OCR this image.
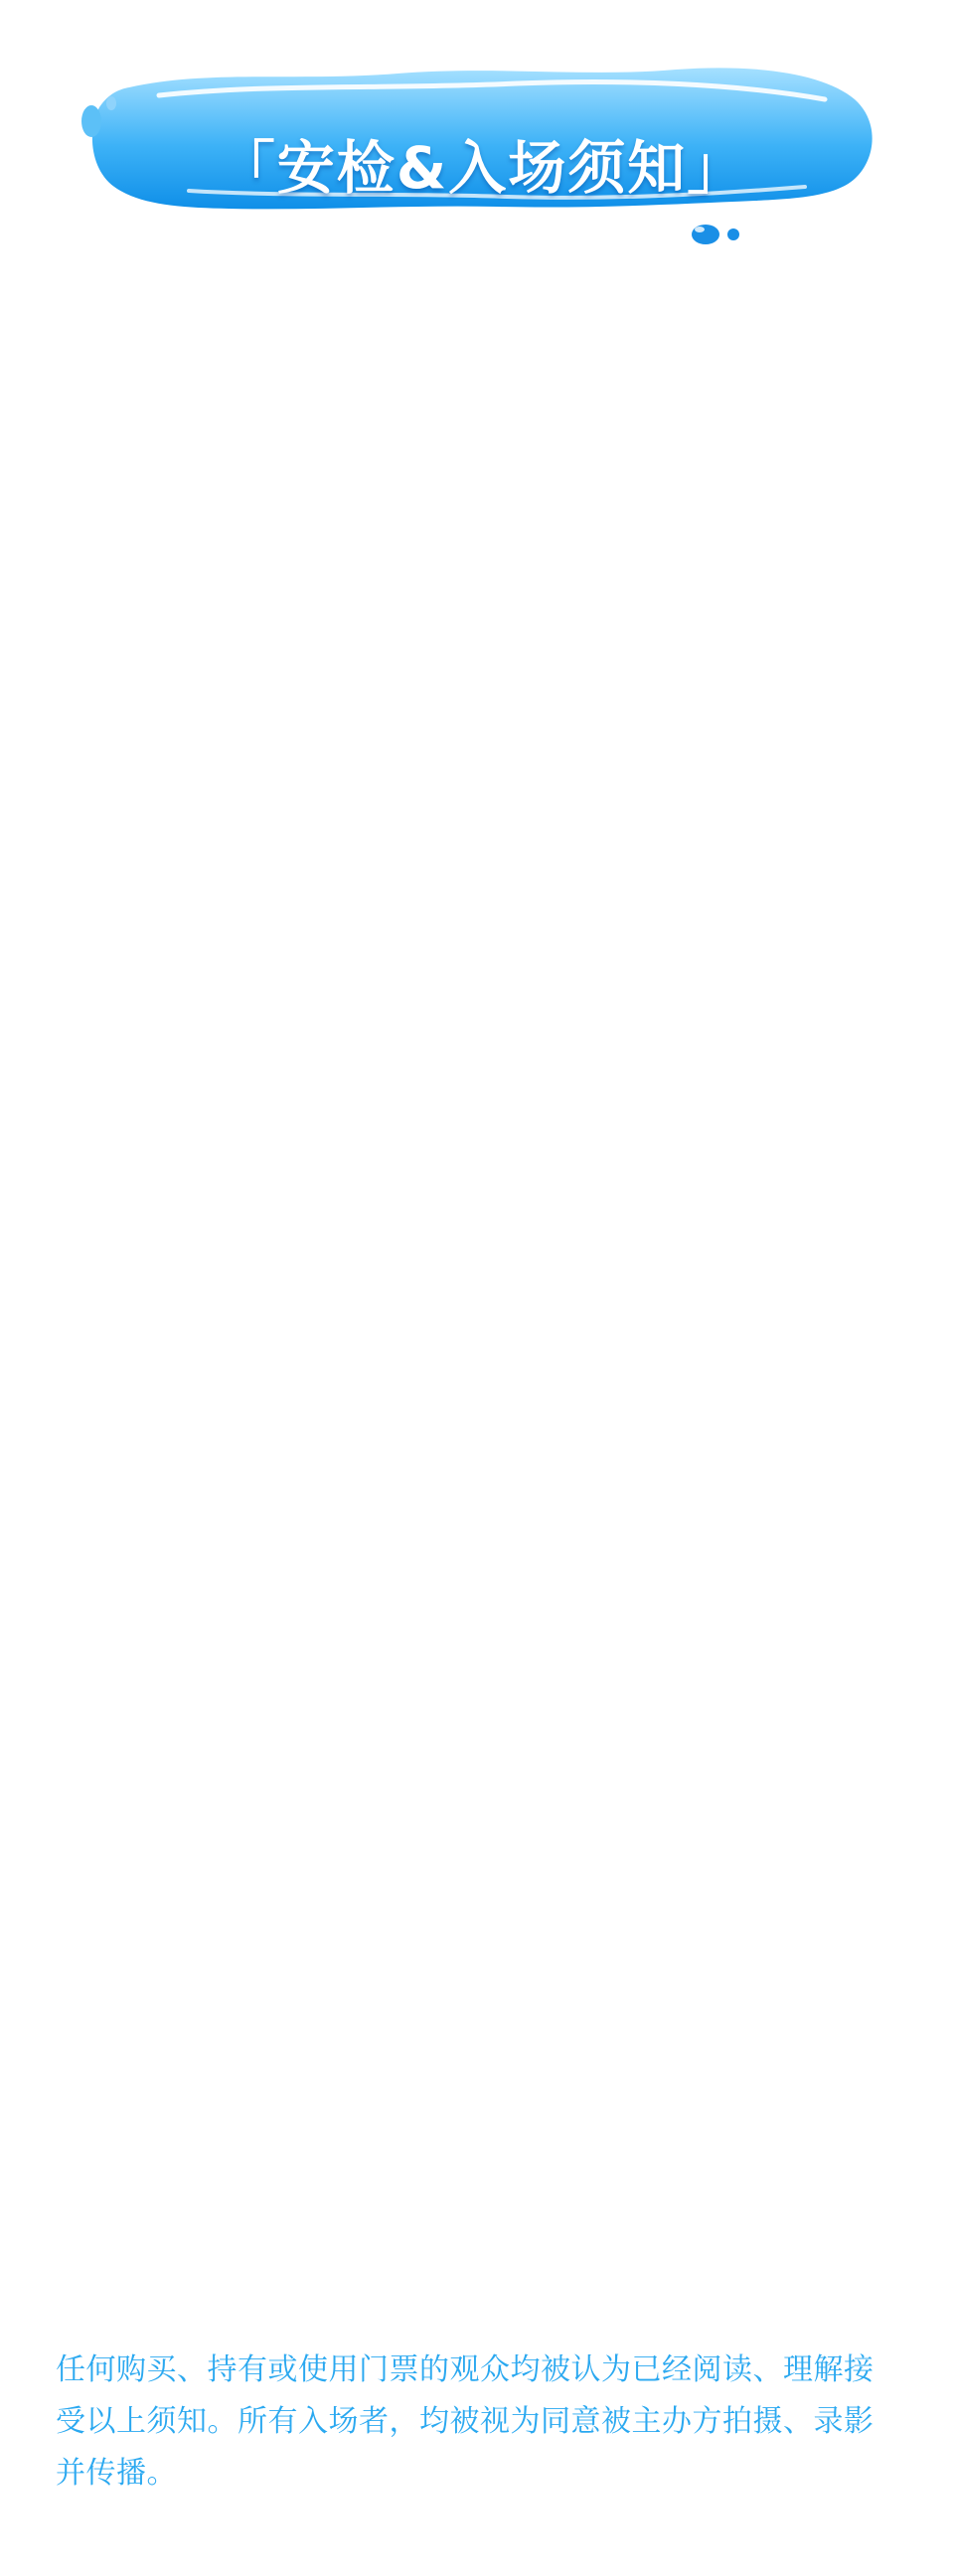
「安检&入场须知」

任何购买、持有或使用门票的观众均被认为已经阅读、理解接受以上须知。所有入场者，均被视为同意被主办方拍摄、录影并传播。
